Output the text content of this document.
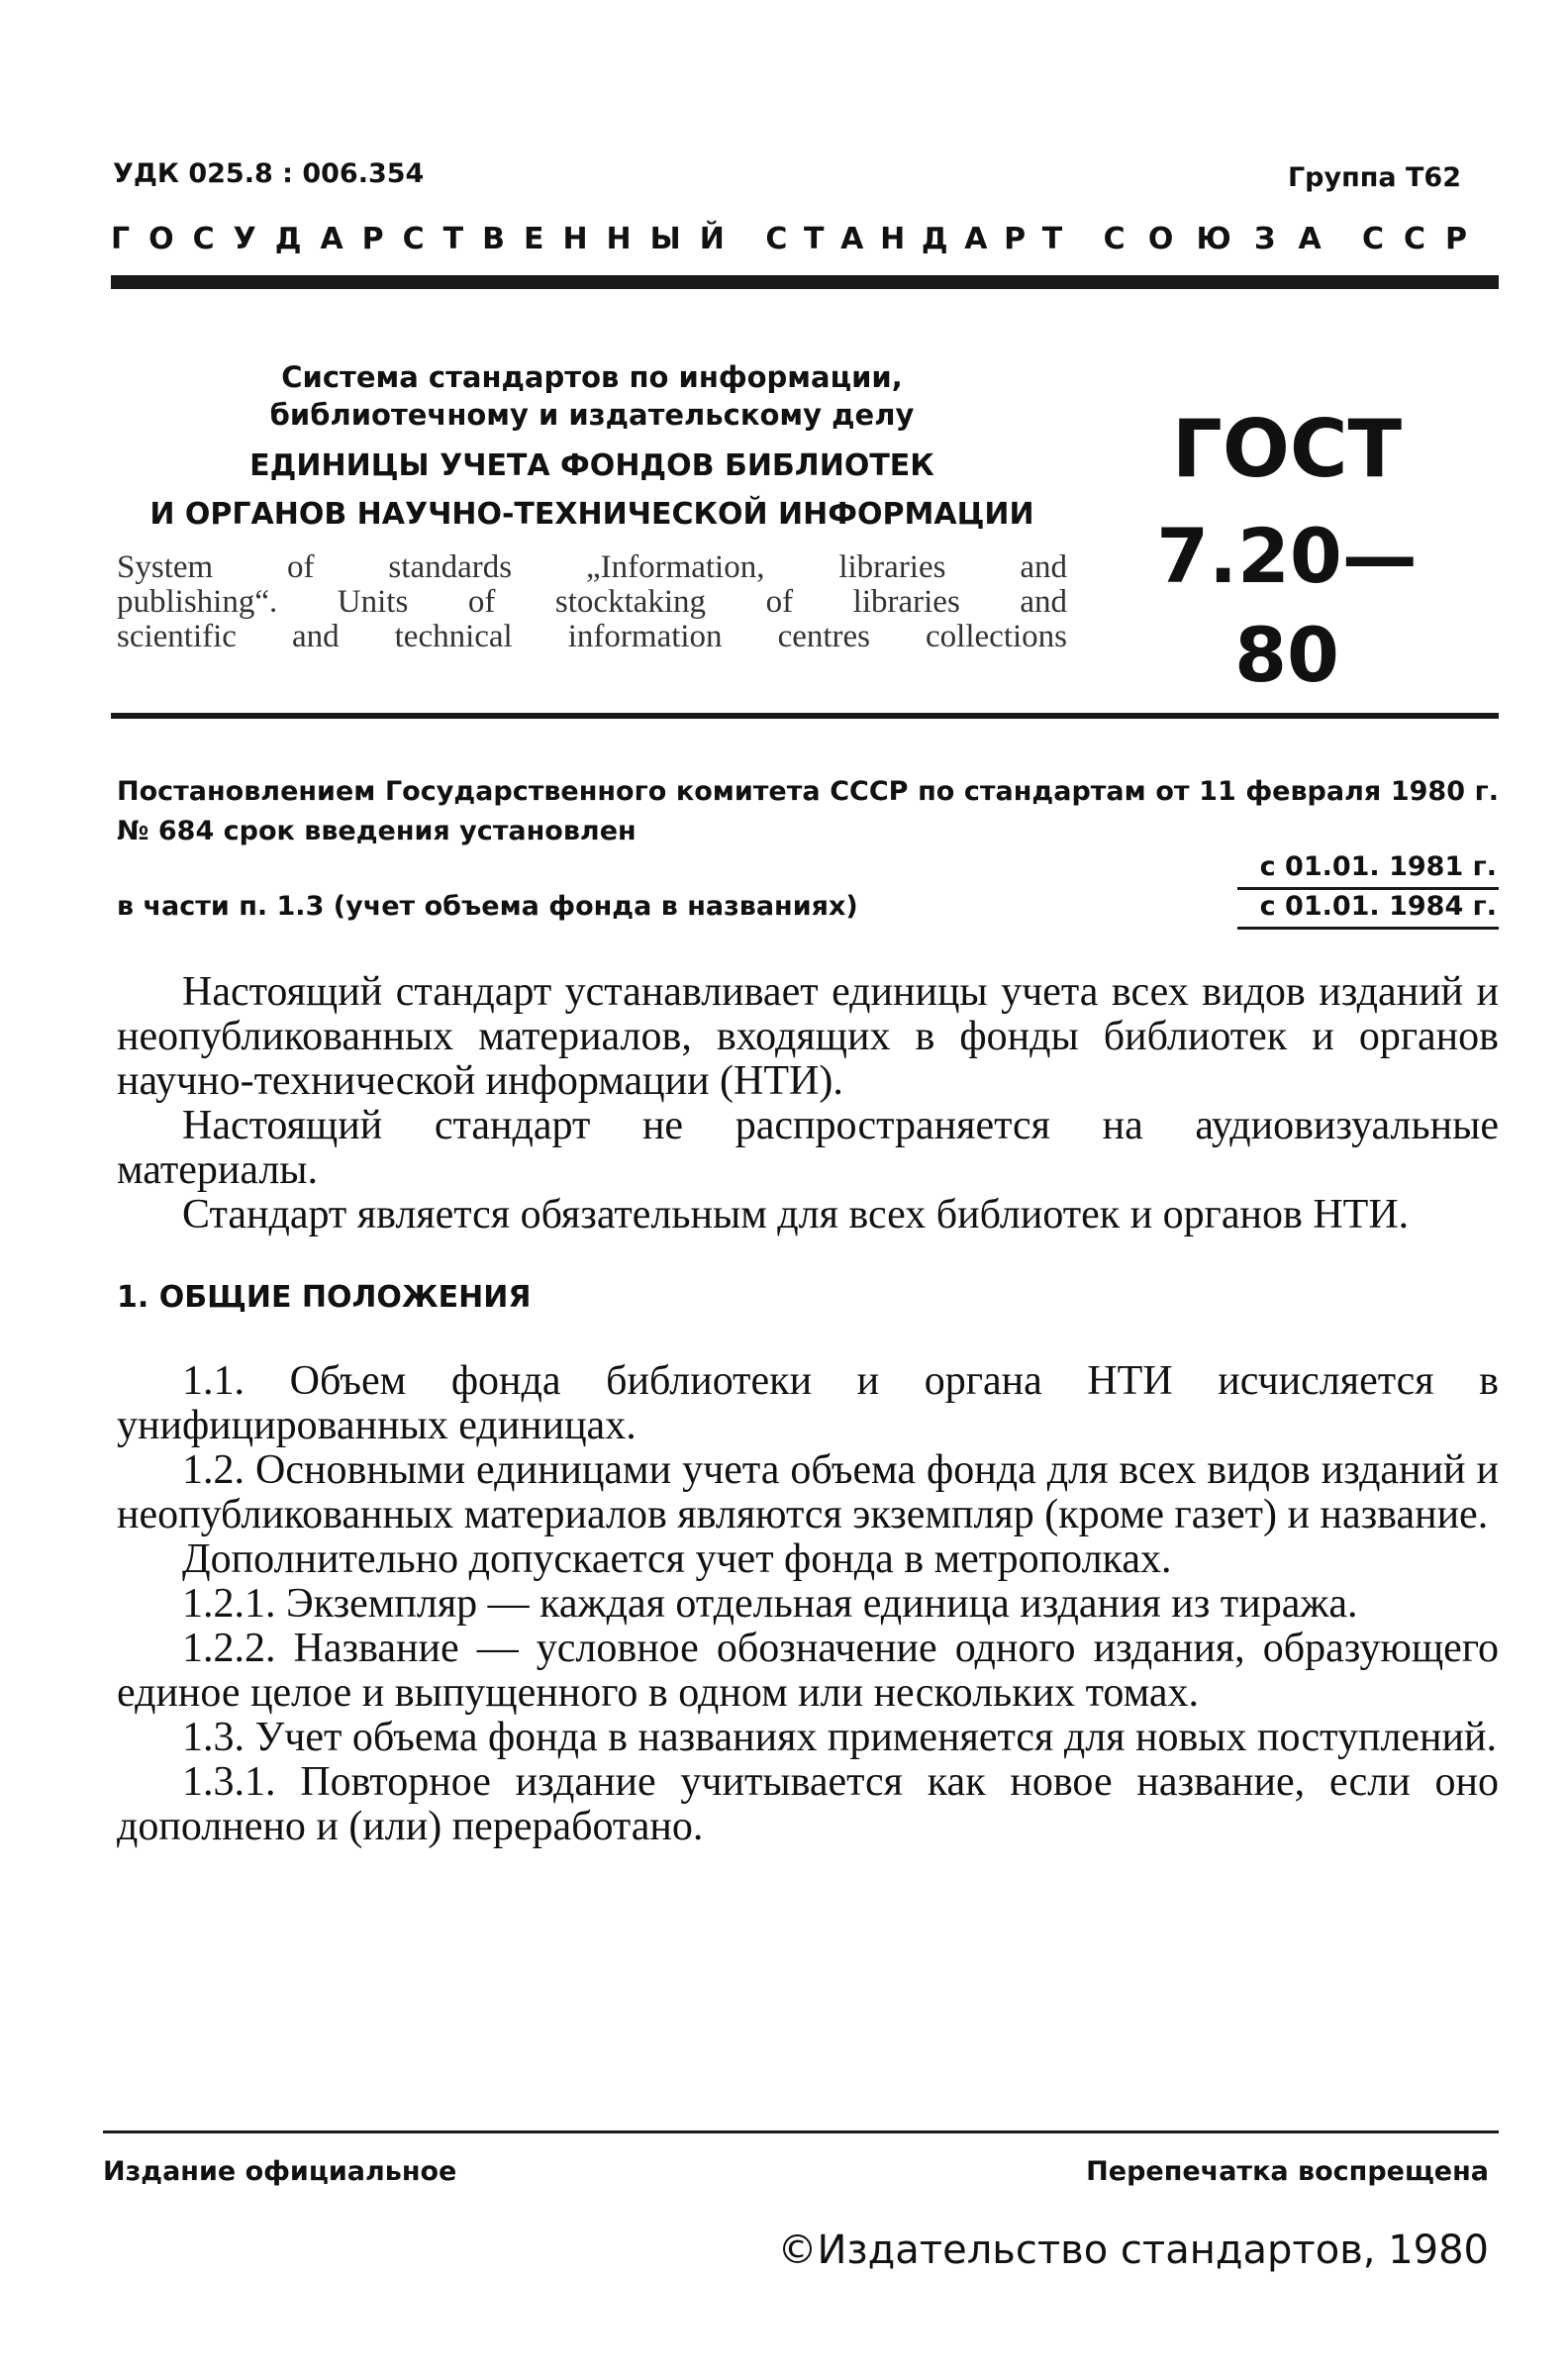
УДК 025.8 : 006.354	Группа Т62
Г О С У Д А Р С Т В Е Н Н Ы Й С Т А Н Д А Р Т С О Ю З А С С Р
Система стандартов по информации,
библиотечному и издательскому делу
ЕДИНИЦЫ УЧЕТА ФОНДОВ БИБЛИОТЕК
И ОРГАНОВ НАУЧНО-ТЕХНИЧЕСКОЙ ИНФОРМАЦИИ
System of standards „Information, libraries and
publishing“. Units of stocktaking of libraries and
scientific and technical information centres collections
ГОСТ
7.20—80
Постановлением Государственного комитета СССР по стандартам от 11 февраля 1980 г. № 684 срок введения установлен
с 01.01. 1981 г.
в части п. 1.3 (учет объема фонда в названиях)	с 01.01. 1984 г.

Настоящий стандарт устанавливает единицы учета всех видов изданий и неопубликованных материалов, входящих в фонды библиотек и органов научно-технической информации (НТИ).

Настоящий стандарт не распространяется на аудиовизуальные материалы.

Стандарт является обязательным для всех библиотек и органов НТИ.

1. ОБЩИЕ ПОЛОЖЕНИЯ

1.1. Объем фонда библиотеки и органа НТИ исчисляется в унифицированных единицах.

1.2. Основными единицами учета объема фонда для всех видов изданий и неопубликованных материалов являются экземпляр (кроме газет) и название.

Дополнительно допускается учет фонда в метрополках.

1.2.1. Экземпляр — каждая отдельная единица издания из тиража.

1.2.2. Название — условное обозначение одного издания, образующего единое целое и выпущенного в одном или нескольких томах.

1.3. Учет объема фонда в названиях применяется для новых поступлений.

1.3.1. Повторное издание учитывается как новое название, если оно дополнено и (или) переработано.

Издание официальное	Перепечатка воспрещена
©Издательство стандартов, 1980
